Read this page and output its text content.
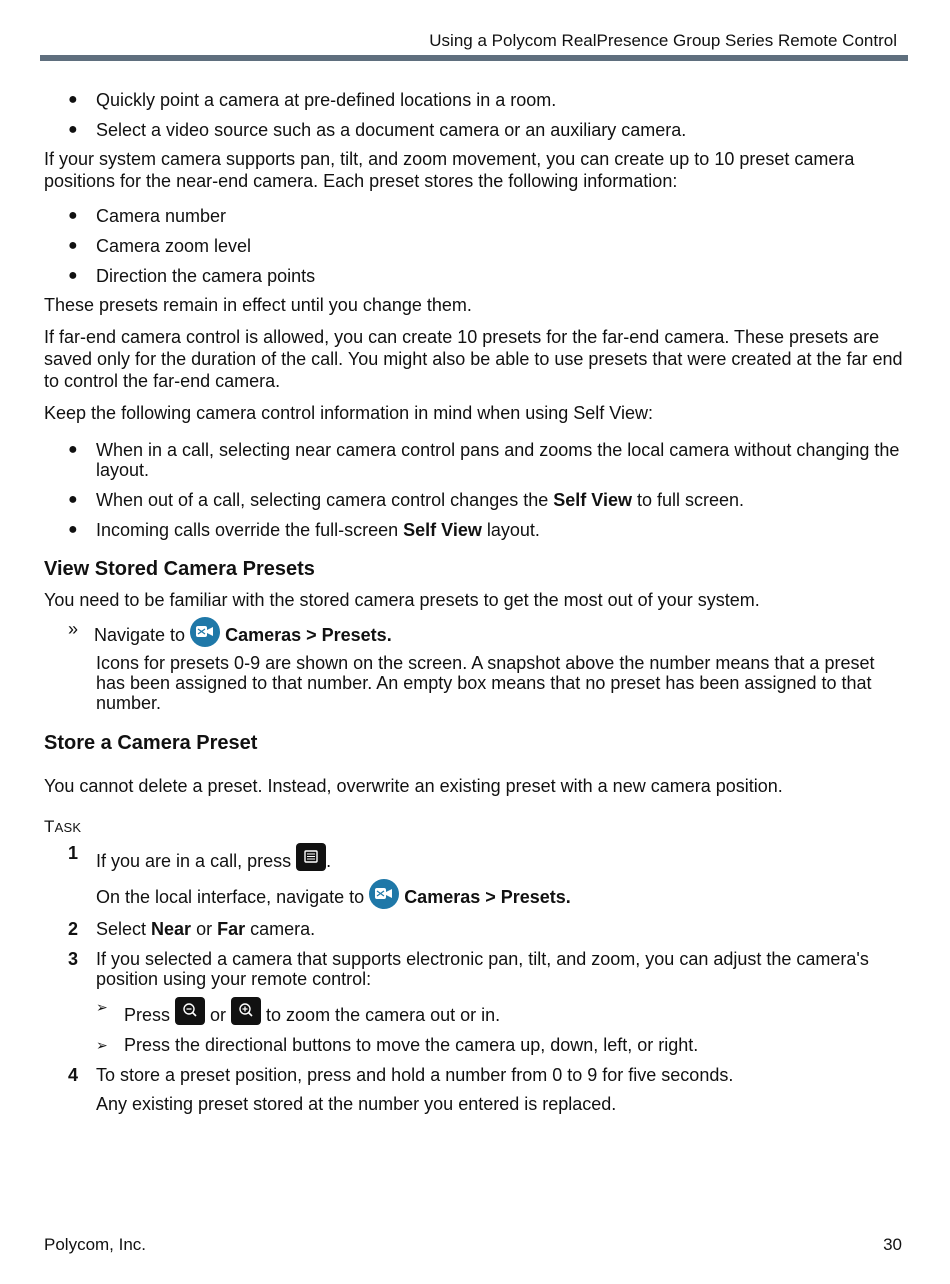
Using a Polycom RealPresence Group Series Remote Control
● Quickly point a camera at pre-defined locations in a room.
● Select a video source such as a document camera or an auxiliary camera.

If your system camera supports pan, tilt, and zoom movement, you can create up to 10 preset camera positions for the near-end camera. Each preset stores the following information:

● Camera number
● Camera zoom level
● Direction the camera points

These presets remain in effect until you change them.

If far-end camera control is allowed, you can create 10 presets for the far-end camera. These presets are saved only for the duration of the call. You might also be able to use presets that were created at the far end to control the far-end camera.

Keep the following camera control information in mind when using Self View:

● When in a call, selecting near camera control pans and zooms the local camera without changing the layout.
● When out of a call, selecting camera control changes the Self View to full screen.
● Incoming calls override the full-screen Self View layout.
View Stored Camera Presets

You need to be familiar with the stored camera presets to get the most out of your system.

» Navigate to
Cameras > Presets.
Icons for presets 0-9 are shown on the screen. A snapshot above the number means that a preset has been assigned to that number. An empty box means that no preset has been assigned to that number.
Store a Camera Preset

You cannot delete a preset. Instead, overwrite an existing preset with a new camera position.

TASK
1 If you are in a call, press
.
On the local interface, navigate to
Cameras > Presets.
2 Select Near or Far camera.
3 If you selected a camera that supports electronic pan, tilt, and zoom, you can adjust the camera's position using your remote control:
➢ Press
or
to zoom the camera out or in.
➢ Press the directional buttons to move the camera up, down, left, or right.
4 To store a preset position, press and hold a number from 0 to 9 for five seconds.
Any existing preset stored at the number you entered is replaced.
Polycom, Inc.	30
